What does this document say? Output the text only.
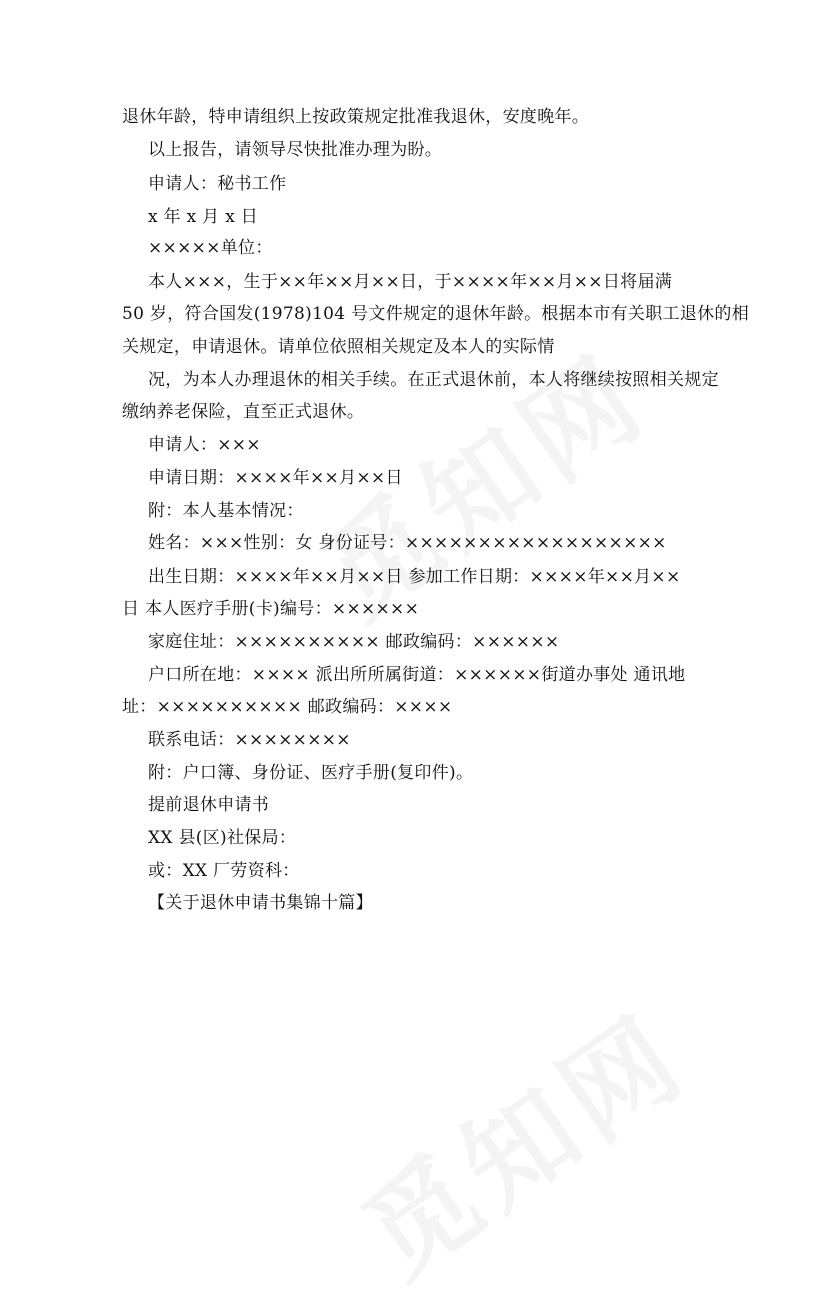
退休年龄，特申请组织上按政策规定批准我退休，安度晚年。
以上报告，请领导尽快批准办理为盼。
申请人：秘书工作
x 年 x 月 x 日
×××××单位：
本人×××，生于××年××月××日，于××××年××月××日将届满
50 岁，符合国发(1978)104 号文件规定的退休年龄。根据本市有关职工退休的相
关规定，申请退休。请单位依照相关规定及本人的实际情
况，为本人办理退休的相关手续。在正式退休前，本人将继续按照相关规定
缴纳养老保险，直至正式退休。
申请人：×××
申请日期：××××年××月××日
附：本人基本情况：
姓名：×××性别：女 身份证号：××××××××××××××××××
出生日期：××××年××月××日 参加工作日期：××××年××月××
日 本人医疗手册(卡)编号：××××××
家庭住址：×××××××××× 邮政编码：××××××
户口所在地：×××× 派出所所属街道：××××××街道办事处 通讯地
址：×××××××××× 邮政编码：××××
联系电话：××××××××
附：户口簿、身份证、医疗手册(复印件)。
提前退休申请书
XX 县(区)社保局：
或：XX 厂劳资科：
【关于退休申请书集锦十篇】
